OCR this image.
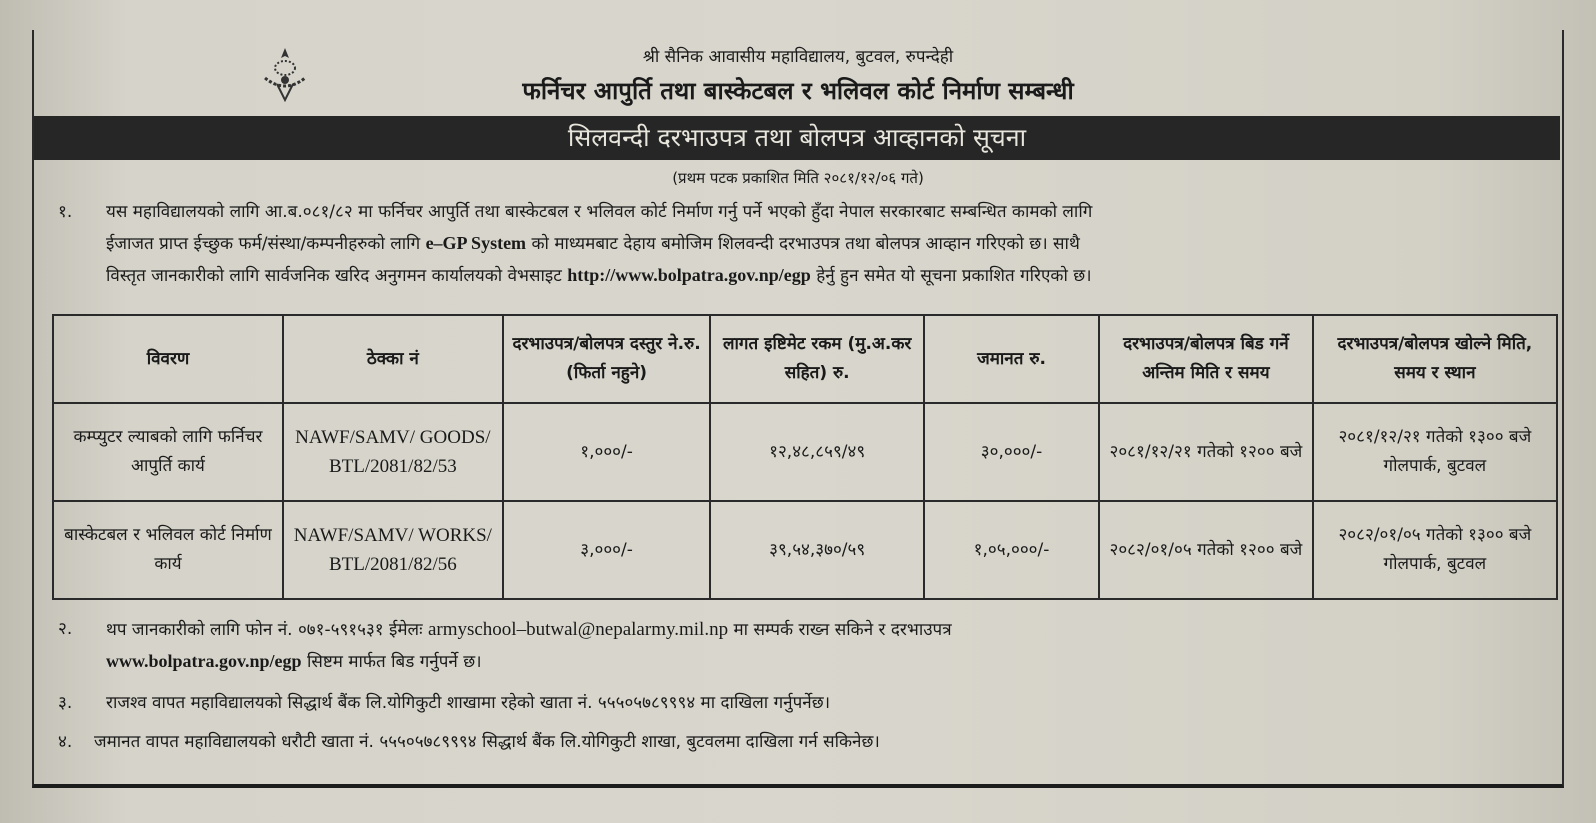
श्री सैनिक आवासीय महाविद्यालय, बुटवल, रुपन्देही
फर्निचर आपुर्ति तथा बास्केटबल र भलिवल कोर्ट निर्माण सम्बन्धी
सिलवन्दी दरभाउपत्र तथा बोलपत्र आव्हानको सूचना
(प्रथम पटक प्रकाशित मिति २०८१/१२/०६ गते)
१. यस महाविद्यालयको लागि आ.ब.०८१/८२ मा फर्निचर आपुर्ति तथा बास्केटबल र भलिवल कोर्ट निर्माण गर्नु पर्ने भएकाे हुँदा नेपाल सरकारबाट सम्बन्धित कामको लागि
ईजाजत प्राप्त ईच्छुक फर्म/संस्था/कम्पनीहरुको लागि e–GP System को माध्यमबाट देहाय बमोजिम शिलवन्दी दरभाउपत्र तथा बोलपत्र आव्हान गरिएको छ। साथै
विस्तृत जानकारीको लागि सार्वजनिक खरिद अनुगमन कार्यालयको वेभसाइट http://www.bolpatra.gov.np/egp हेर्नु हुन समेत यो सूचना प्रकाशित गरिएको छ।
विवरण	ठेक्का नं	दरभाउपत्र/बोलपत्र दस्तुर ने.रु. (फिर्ता नहुने)	लागत इष्टिमेट रकम (मु.अ.कर सहित) रु.	जमानत रु.	दरभाउपत्र/बोलपत्र बिड गर्ने अन्तिम मिति र समय	दरभाउपत्र/बोलपत्र खोल्ने मिति, समय र स्थान
कम्प्युटर ल्याबको लागि फर्निचर आपुर्ति कार्य	NAWF/SAMV/ GOODS/ BTL/2081/82/53	१,०००/-	१२,४८,८५९/४९	३०,०००/-	२०८१/१२/२१ गतेको १२०० बजे	२०८१/१२/२१ गतेको १३०० बजे गोलपार्क, बुटवल
बास्केटबल र भलिवल कोर्ट निर्माण कार्य	NAWF/SAMV/ WORKS/ BTL/2081/82/56	३,०००/-	३९,५४,३७०/५९	१,०५,०००/-	२०८२/०१/०५ गतेको १२०० बजे	२०८२/०१/०५ गतेको १३०० बजे गोलपार्क, बुटवल
२. थप जानकारीको लागि फोन नं. ०७१-५९१५३१ ईमेलः armyschool–butwal@nepalarmy.mil.np मा सम्पर्क राख्न सकिने र दरभाउपत्र
www.bolpatra.gov.np/egp सिष्टम मार्फत बिड गर्नुपर्ने छ।
३. राजश्व वापत महाविद्यालयको सिद्धार्थ बैंक लि.योगिकुटी शाखामा रहेको खाता नं. ५५५०५७८९९९४ मा दाखिला गर्नुपर्नेछ।
४. जमानत वापत महाविद्यालयको धरौटी खाता नं. ५५५०५७८९९९४ सिद्धार्थ बैंक लि.योगिकुटी शाखा, बुटवलमा दाखिला गर्न सकिनेछ।
